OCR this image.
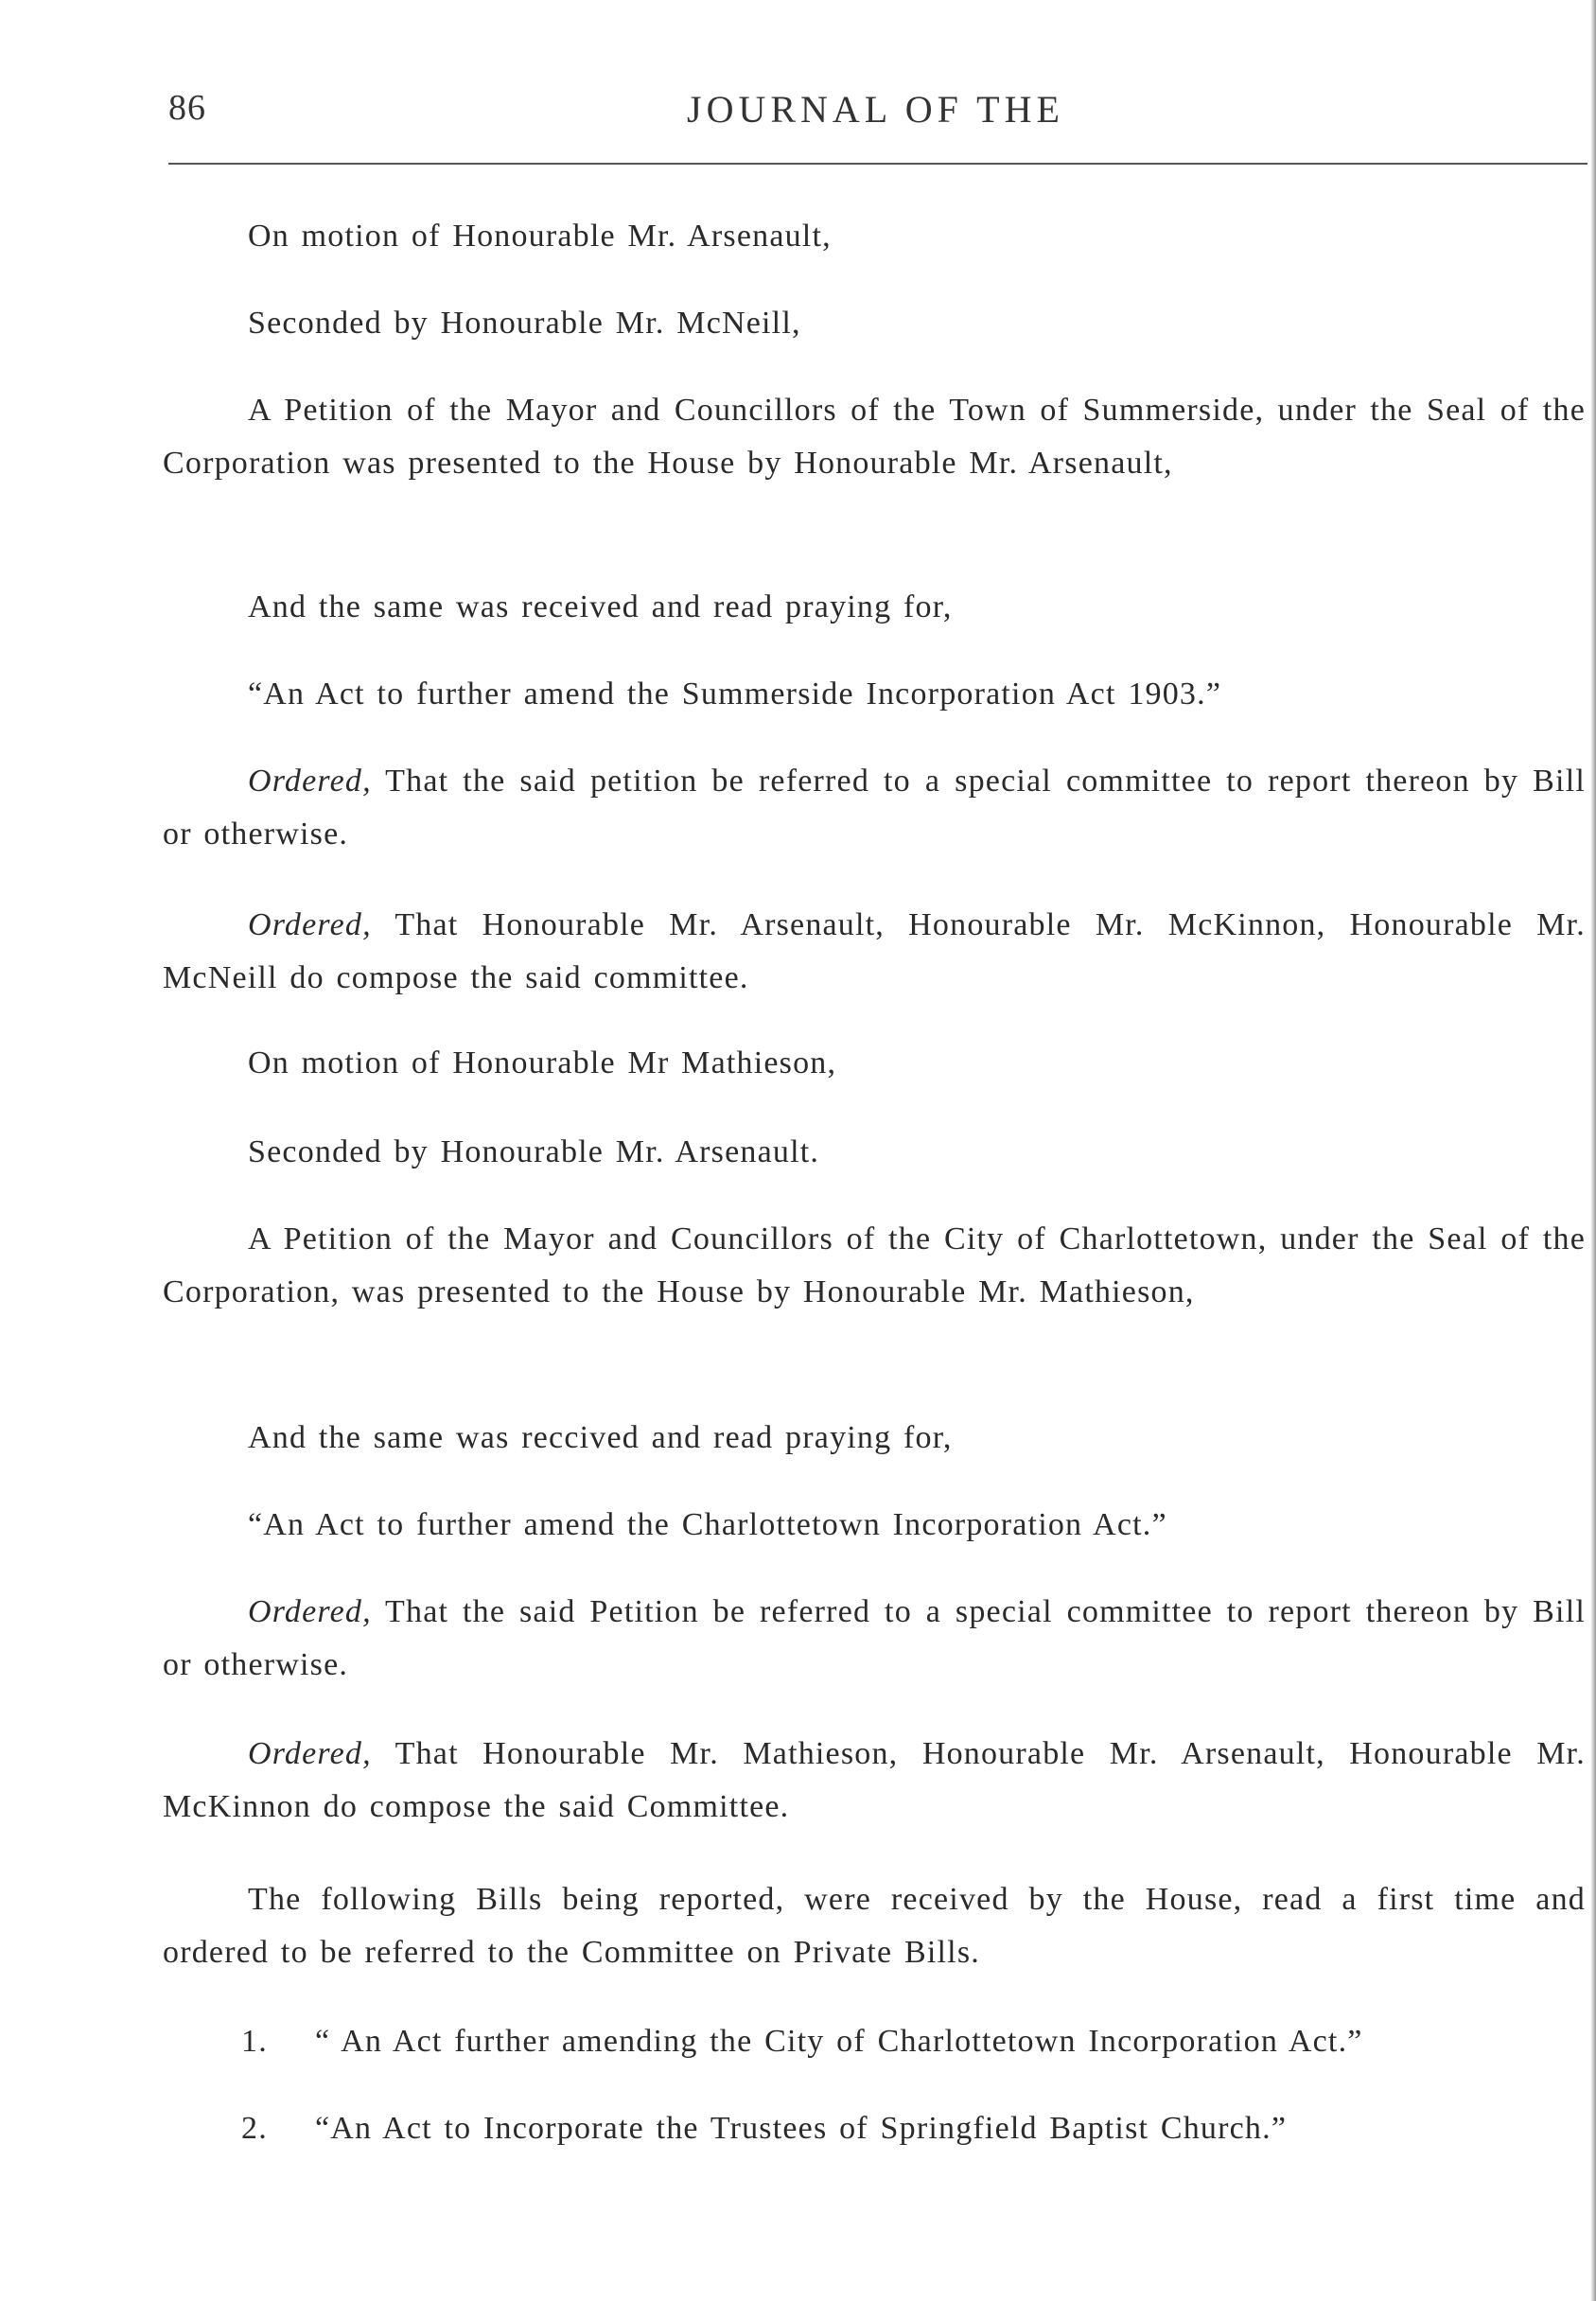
86	JOURNAL OF THE

On motion of Honourable Mr. Arsenault,

Seconded by Honourable Mr. McNeill,

A Petition of the Mayor and Councillors of the Town of Summerside, under the Seal of the Corporation was presented to the House by Honourable Mr. Arsenault,

And the same was received and read praying for,

“An Act to further amend the Summerside Incorporation Act 1903.”

Ordered, That the said petition be referred to a special committee to report thereon by Bill or otherwise.

Ordered, That Honourable Mr. Arsenault, Honourable Mr. McKinnon, Honourable Mr. McNeill do compose the said committee.

On motion of Honourable Mr Mathieson,

Seconded by Honourable Mr. Arsenault.

A Petition of the Mayor and Councillors of the City of Charlottetown, under the Seal of the Corporation, was presented to the House by Honourable Mr. Mathieson,

And the same was reccived and read praying for,

“An Act to further amend the Charlottetown Incorporation Act.”

Ordered, That the said Petition be referred to a special committee to report thereon by Bill or otherwise.

Ordered, That Honourable Mr. Mathieson, Honourable Mr. Arsenault, Honourable Mr. McKinnon do compose the said Committee.

The following Bills being reported, were received by the House, read a first time and ordered to be referred to the Committee on Private Bills.

1. “ An Act further amending the City of Charlottetown Incorporation Act.”

2. “An Act to Incorporate the Trustees of Springfield Baptist Church.”
